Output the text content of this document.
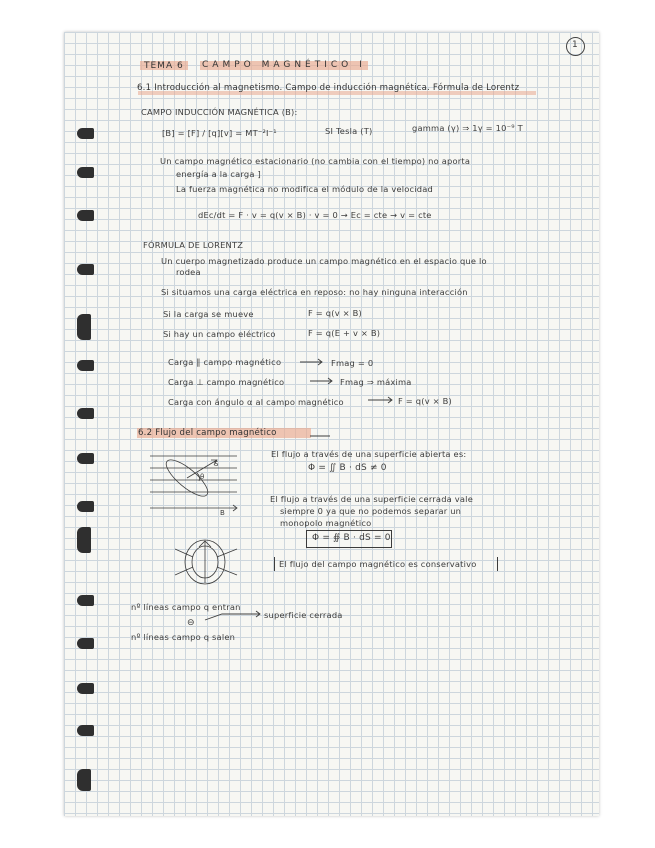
1
TEMA 6 CAMPO MAGNÉTICO I
6.1 Introducción al magnetismo. Campo de inducción magnética. Fórmula de Lorentz
CAMPO INDUCCIÓN MAGNÉTICA (B):
[B] = [F] / [q][v] = MT⁻²I⁻¹	SI Tesla (T)	gamma (γ) ⇒ 1γ = 10⁻⁹ T
Un campo magnético estacionario (no cambia con el tiempo) no aporta
energía a la carga ]
La fuerza magnética no modifica el módulo de la velocidad
dEc/dt = F · v = q(v × B) · v = 0 → Ec = cte → v = cte
FÓRMULA DE LORENTZ
Un cuerpo magnetizado produce un campo magnético en el espacio que lo
rodea
Si situamos una carga eléctrica en reposo: no hay ninguna interacción
Si la carga se mueve	F = q(v × B)
Si hay un campo eléctrico	F = q(E + v × B)
Carga ∥ campo magnético	Fmag = 0
Carga ⊥ campo magnético	Fmag ⇒ máxima
Carga con ángulo α al campo magnético	F = q(v × B)
6.2 Flujo del campo magnético
S
θ
B
El flujo a través de una superficie abierta es:
Φ = ∬ B · dS ≠ 0
El flujo a través de una superficie cerrada vale
siempre 0 ya que no podemos separar un
monopolo magnético
Φ = ∯ B · dS = 0
El flujo del campo magnético es conservativo
nº líneas campo q entran
⊖
superficie cerrada
nº líneas campo q salen
